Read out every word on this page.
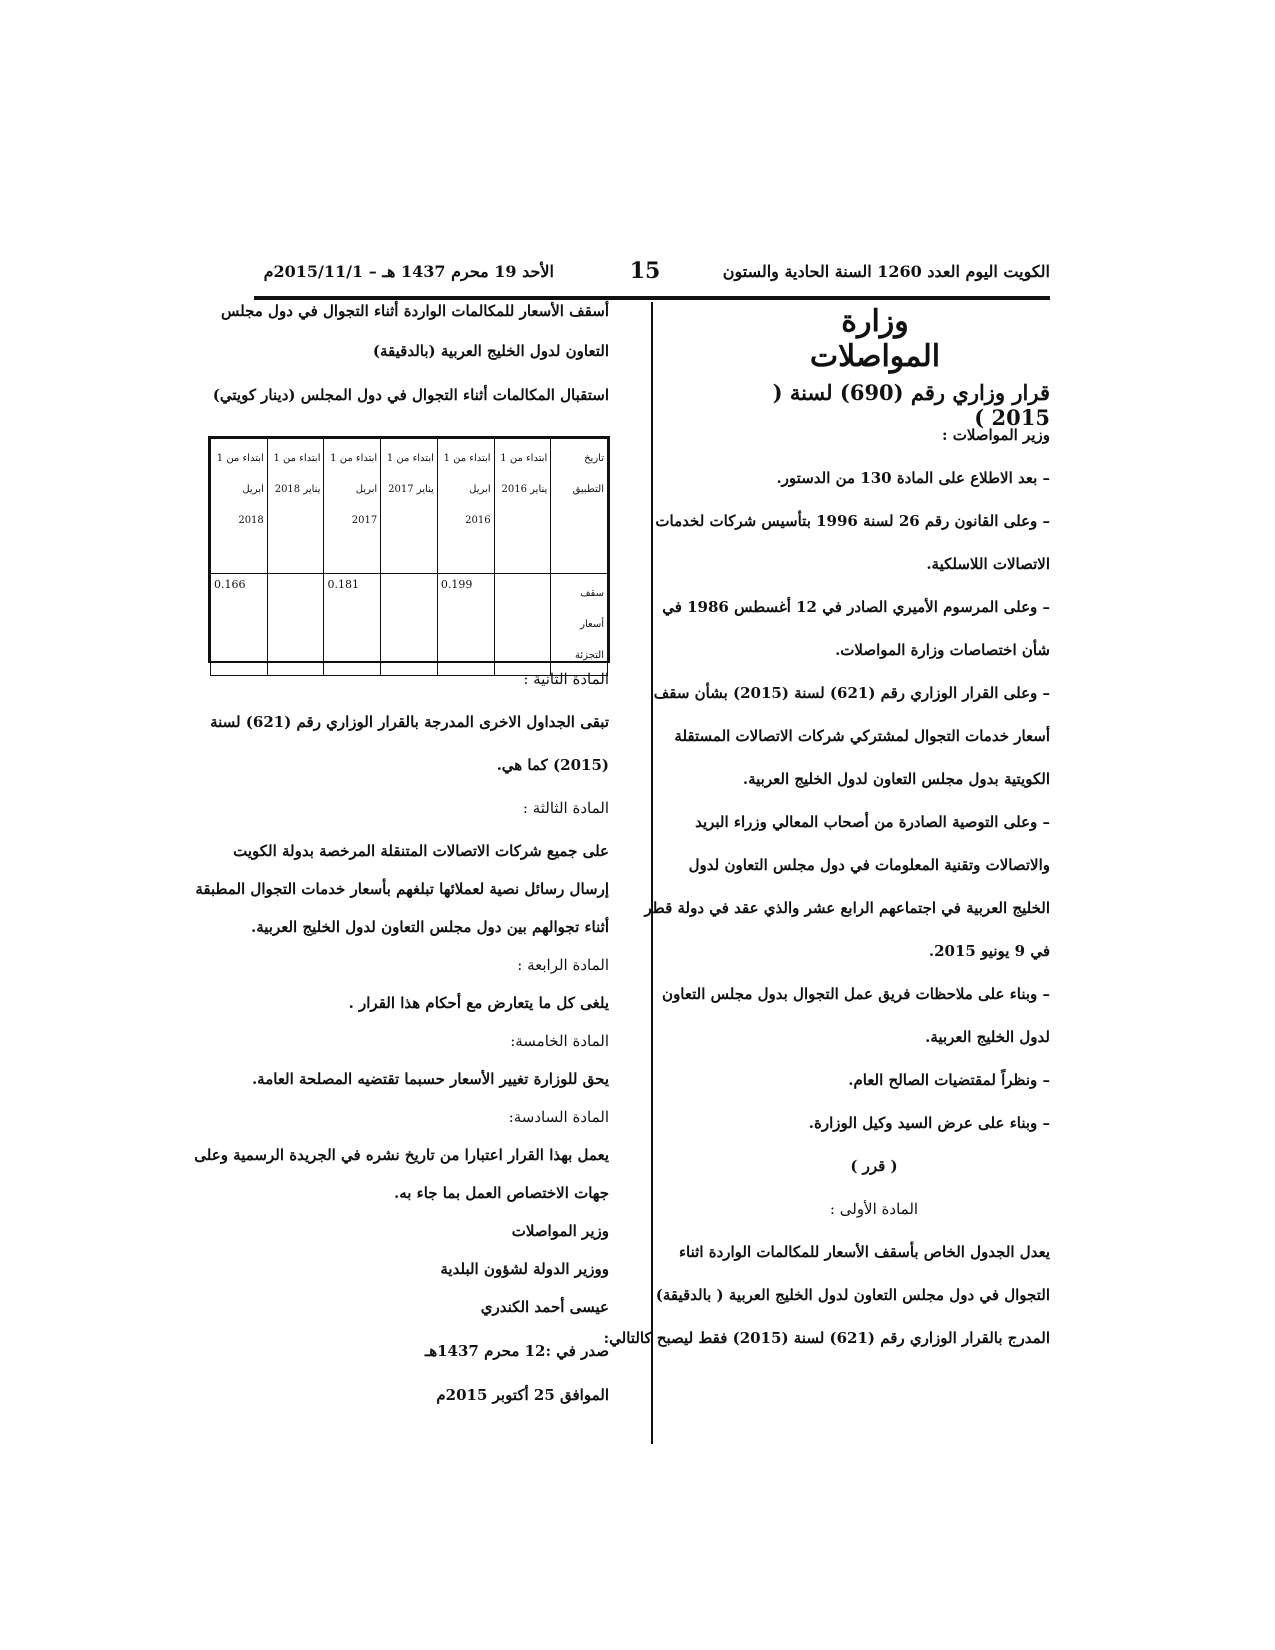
الكويت اليوم العدد 1260 السنة الحادية والستون
15
الأحد 19 محرم 1437 هـ – 2015/11/1م
وزارة المواصلات
قرار وزاري رقم (690) لسنة ( 2015 )
وزير المواصلات :
– بعد الاطلاع على المادة 130 من الدستور.
– وعلى القانون رقم 26 لسنة 1996 بتأسيس شركات لخدمات
الاتصالات اللاسلكية.
– وعلى المرسوم الأميري الصادر في 12 أغسطس 1986 في
شأن اختصاصات وزارة المواصلات.
– وعلى القرار الوزاري رقم (621) لسنة (2015) بشأن سقف
أسعار خدمات التجوال لمشتركي شركات الاتصالات المستقلة
الكويتية بدول مجلس التعاون لدول الخليج العربية.
– وعلى التوصية الصادرة من أصحاب المعالي وزراء البريد
والاتصالات وتقنية المعلومات في دول مجلس التعاون لدول
الخليج العربية في اجتماعهم الرابع عشر والذي عقد في دولة قطر
في 9 يونيو 2015.
– وبناء على ملاحظات فريق عمل التجوال بدول مجلس التعاون
لدول الخليج العربية.
– ونظراً لمقتضيات الصالح العام.
– وبناء على عرض السيد وكيل الوزارة.
( قرر )
المادة الأولى :
يعدل الجدول الخاص بأسقف الأسعار للمكالمات الواردة اثناء
التجوال في دول مجلس التعاون لدول الخليج العربية ( بالدقيقة)
المدرج بالقرار الوزاري رقم (621) لسنة (2015) فقط ليصبح كالتالي:
أسقف الأسعار للمكالمات الواردة أثناء التجوال في دول مجلس
التعاون لدول الخليج العربية (بالدقيقة)
استقبال المكالمات أثناء التجوال في دول المجلس (دينار كويتي)
تاريخ التطبيق	ابتداء من 1 يناير 2016	ابتداء من 1 ابريل 2016	ابتداء من 1 يناير 2017	ابتداء من 1 ابريل 2017	ابتداء من 1 يناير 2018	ابتداء من 1 ابريل 2018
سقف أسعار التجزئة		0.199		0.181		0.166
المادة الثانية :
تبقى الجداول الاخرى المدرجة بالقرار الوزاري رقم (621) لسنة
(2015) كما هي.
المادة الثالثة :
على جميع شركات الاتصالات المتنقلة المرخصة بدولة الكويت
إرسال رسائل نصية لعملائها تبلغهم بأسعار خدمات التجوال المطبقة
أثناء تجوالهم بين دول مجلس التعاون لدول الخليج العربية.
المادة الرابعة :
يلغى كل ما يتعارض مع أحكام هذا القرار .
المادة الخامسة:
يحق للوزارة تغيير الأسعار حسبما تقتضيه المصلحة العامة.
المادة السادسة:
يعمل بهذا القرار اعتبارا من تاريخ نشره في الجريدة الرسمية وعلى
جهات الاختصاص العمل بما جاء به.
وزير المواصلات
ووزير الدولة لشؤون البلدية
عيسى أحمد الكندري
صدر في :12 محرم 1437هـ
الموافق 25 أكتوبر 2015م
